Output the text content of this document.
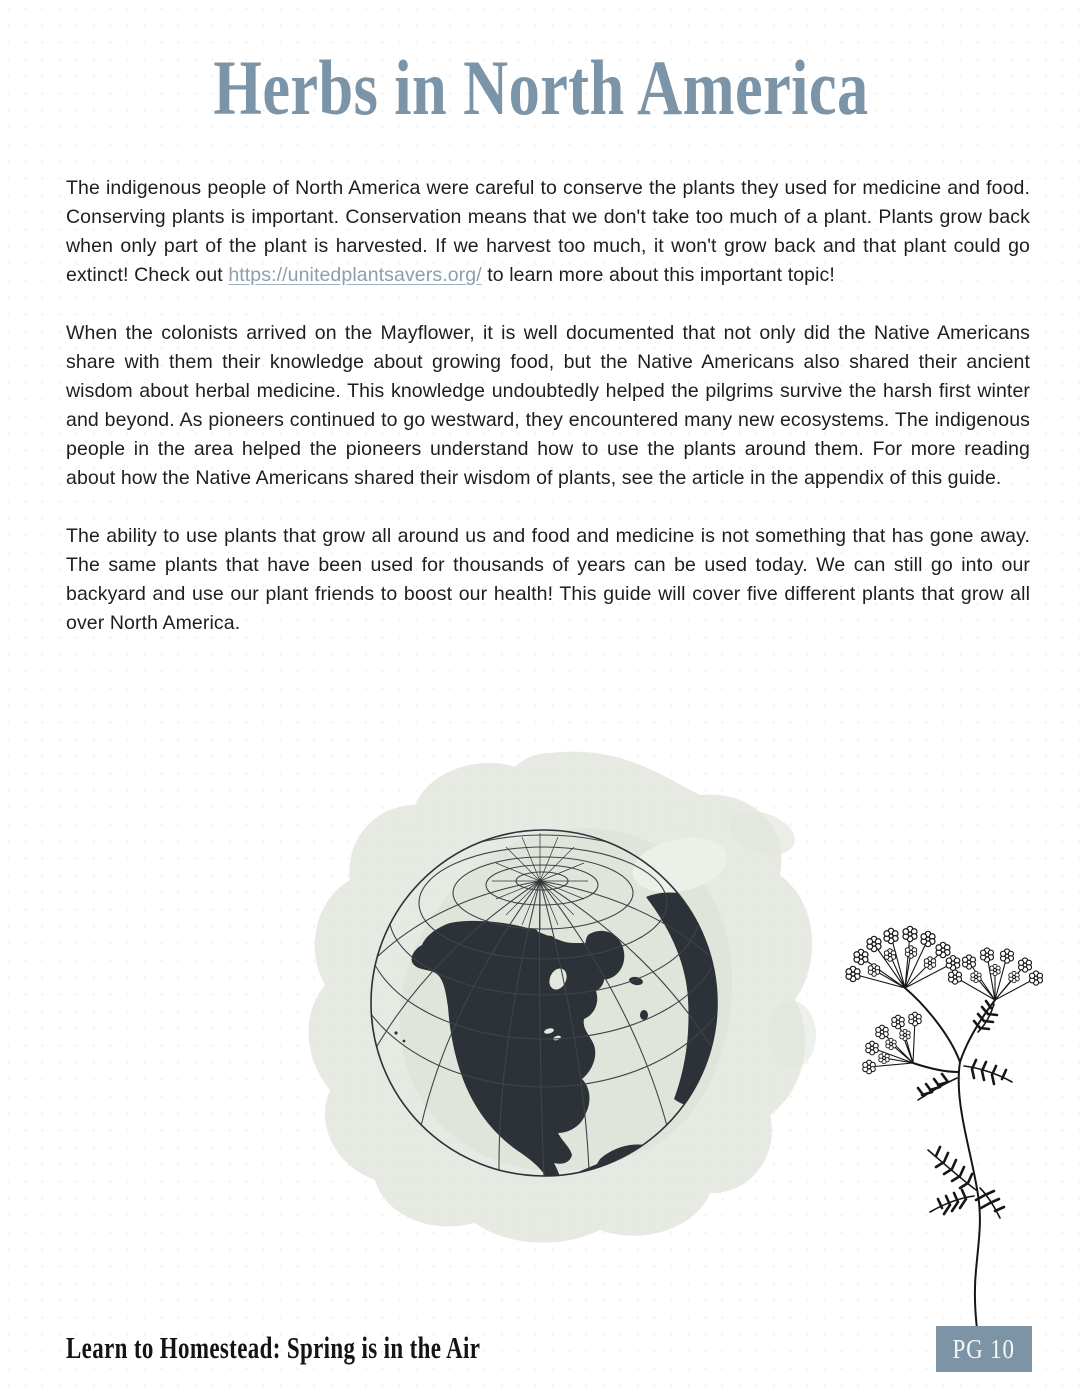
Herbs in North America

The indigenous people of North America were careful to conserve the plants they used for medicine and food. Conserving plants is important. Conservation means that we don't take too much of a plant. Plants grow back when only part of the plant is harvested. If we harvest too much, it won't grow back and that plant could go extinct! Check out https://unitedplantsavers.org/ to learn more about this important topic!

When the colonists arrived on the Mayflower, it is well documented that not only did the Native Americans share with them their knowledge about growing food, but the Native Americans also shared their ancient wisdom about herbal medicine. This knowledge undoubtedly helped the pilgrims survive the harsh first winter and beyond. As pioneers continued to go westward, they encountered many new ecosystems. The indigenous people in the area helped the pioneers understand how to use the plants around them. For more reading about how the Native Americans shared their wisdom of plants, see the article in the appendix of this guide.

The ability to use plants that grow all around us and food and medicine is not something that has gone away. The same plants that have been used for thousands of years can be used today. We can still go into our backyard and use our plant friends to boost our health! This guide will cover five different plants that grow all over North America.

Learn to Homestead: Spring is in the Air	PG 10
